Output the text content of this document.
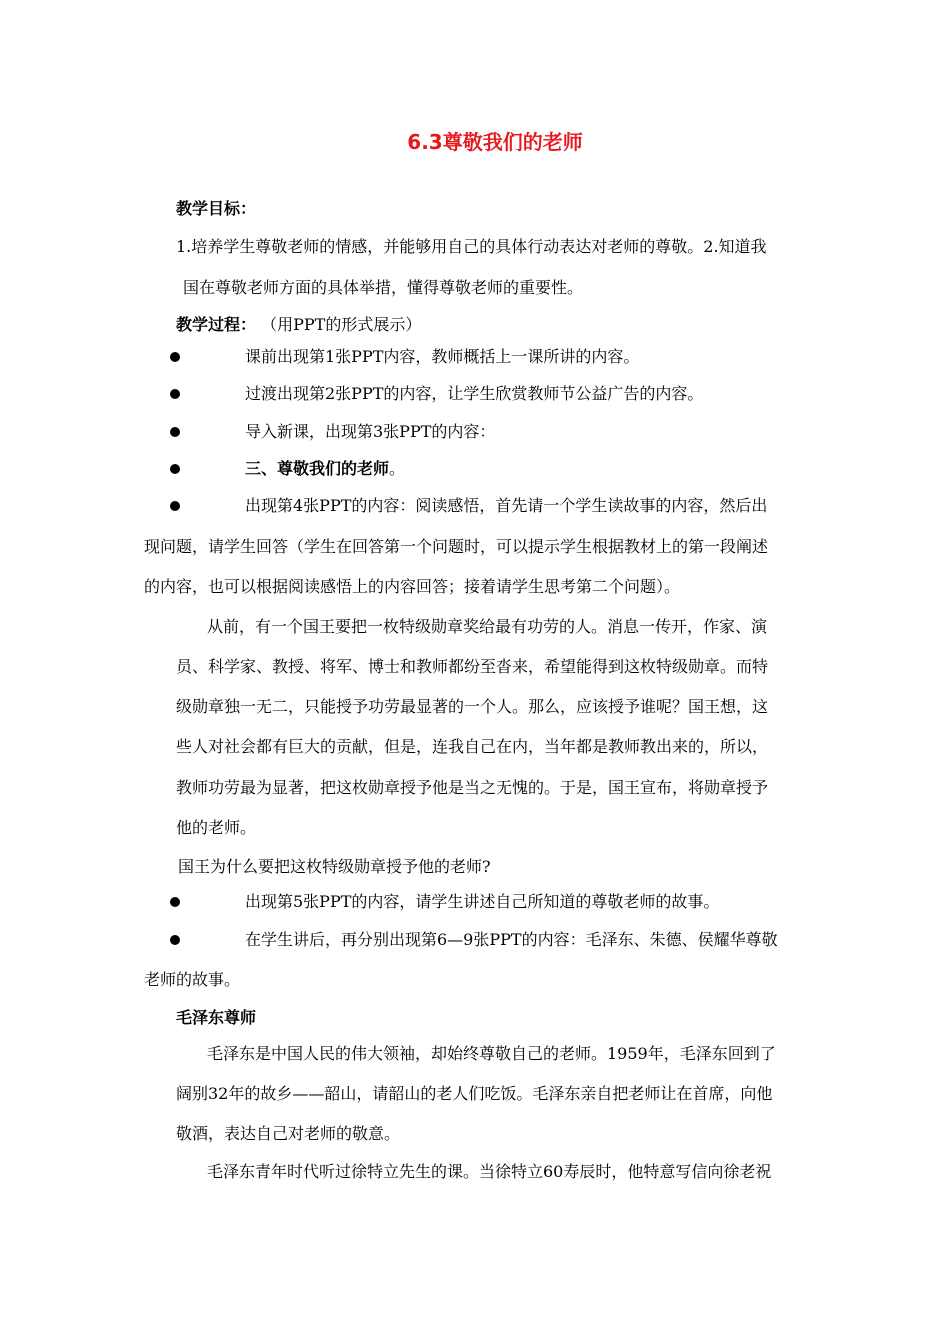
6.3尊敬我们的老师
教学目标：
1.培养学生尊敬老师的情感，并能够用自己的具体行动表达对老师的尊敬。2.知道我
国在尊敬老师方面的具体举措，懂得尊敬老师的重要性。
教学过程： （用PPT的形式展示）
课前出现第1张PPT内容，教师概括上一课所讲的内容。
过渡出现第2张PPT的内容，让学生欣赏教师节公益广告的内容。
导入新课，出现第3张PPT的内容：
三、尊敬我们的老师。
出现第4张PPT的内容：阅读感悟，首先请一个学生读故事的内容，然后出
现问题，请学生回答（学生在回答第一个问题时，可以提示学生根据教材上的第一段阐述
的内容，也可以根据阅读感悟上的内容回答；接着请学生思考第二个问题）。
从前，有一个国王要把一枚特级勋章奖给最有功劳的人。消息一传开，作家、演
员、科学家、教授、将军、博士和教师都纷至沓来，希望能得到这枚特级勋章。而特
级勋章独一无二，只能授予功劳最显著的一个人。那么，应该授予谁呢？国王想，这
些人对社会都有巨大的贡献，但是，连我自己在内，当年都是教师教出来的，所以，
教师功劳最为显著，把这枚勋章授予他是当之无愧的。于是，国王宣布，将勋章授予
他的老师。
国王为什么要把这枚特级勋章授予他的老师?
出现第5张PPT的内容，请学生讲述自己所知道的尊敬老师的故事。
在学生讲后，再分别出现第6—9张PPT的内容：毛泽东、朱德、侯耀华尊敬
老师的故事。
毛泽东尊师
毛泽东是中国人民的伟大领袖，却始终尊敬自己的老师。1959年，毛泽东回到了
阔别32年的故乡——韶山，请韶山的老人们吃饭。毛泽东亲自把老师让在首席，向他
敬酒，表达自己对老师的敬意。
毛泽东青年时代听过徐特立先生的课。当徐特立60寿辰时，他特意写信向徐老祝
